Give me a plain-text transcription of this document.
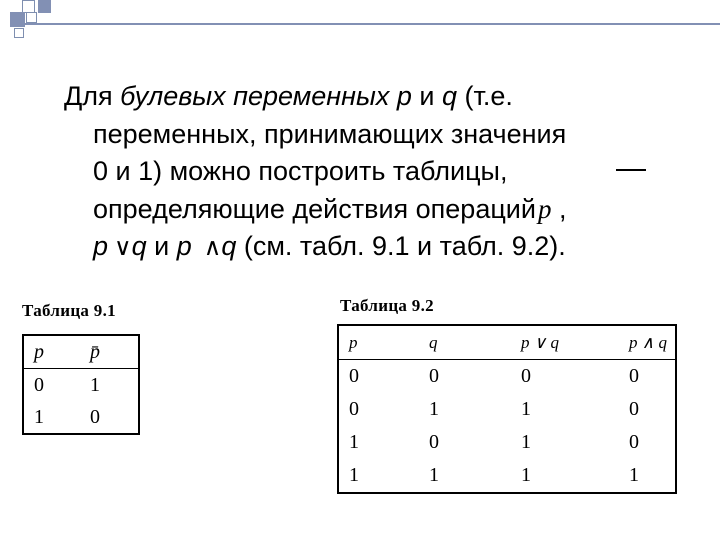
Для булевых переменных p и q (т.е.
переменных, принимающих значения
0 и 1) можно построить таблицы,
определяющие действия операцийp ,
p ∨q и p ∧q (см. табл. 9.1 и табл. 9.2).
Таблица 9.1
p	p̄
0	1
1	0
Таблица 9.2
p	q	p ∨ q	p ∧ q
0	0	0	0
0	1	1	0
1	0	1	0
1	1	1	1
